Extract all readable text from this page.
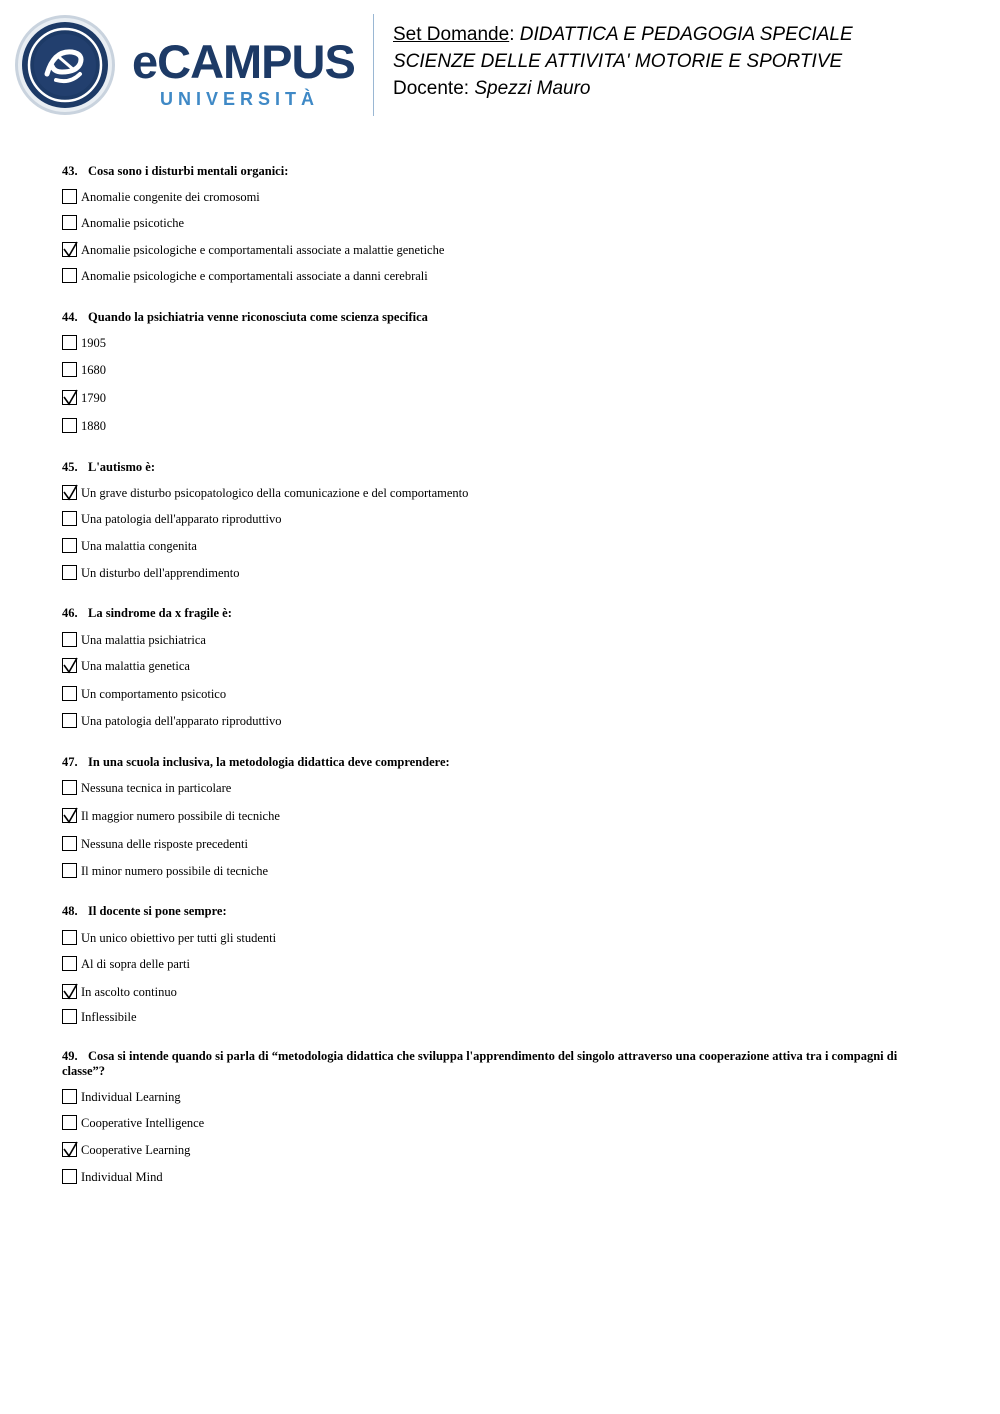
eCAMPUS
UNIVERSITÀ
Set Domande: DIDATTICA E PEDAGOGIA SPECIALE
SCIENZE DELLE ATTIVITA' MOTORIE E SPORTIVE
Docente: Spezzi Mauro
43. Cosa sono i disturbi mentali organici:
Anomalie congenite dei cromosomi
Anomalie psicotiche
Anomalie psicologiche e comportamentali associate a malattie genetiche
Anomalie psicologiche e comportamentali associate a danni cerebrali
44. Quando la psichiatria venne riconosciuta come scienza specifica
1905
1680
1790
1880
45. L'autismo è:
Un grave disturbo psicopatologico della comunicazione e del comportamento
Una patologia dell'apparato riproduttivo
Una malattia congenita
Un disturbo dell'apprendimento
46. La sindrome da x fragile è:
Una malattia psichiatrica
Una malattia genetica
Un comportamento psicotico
Una patologia dell'apparato riproduttivo
47. In una scuola inclusiva, la metodologia didattica deve comprendere:
Nessuna tecnica in particolare
Il maggior numero possibile di tecniche
Nessuna delle risposte precedenti
Il minor numero possibile di tecniche
48. Il docente si pone sempre:
Un unico obiettivo per tutti gli studenti
Al di sopra delle parti
In ascolto continuo
Inflessibile
49. Cosa si intende quando si parla di “metodologia didattica che sviluppa l'apprendimento del singolo attraverso una cooperazione attiva tra i compagni di classe”?
Individual Learning
Cooperative Intelligence
Cooperative Learning
Individual Mind
